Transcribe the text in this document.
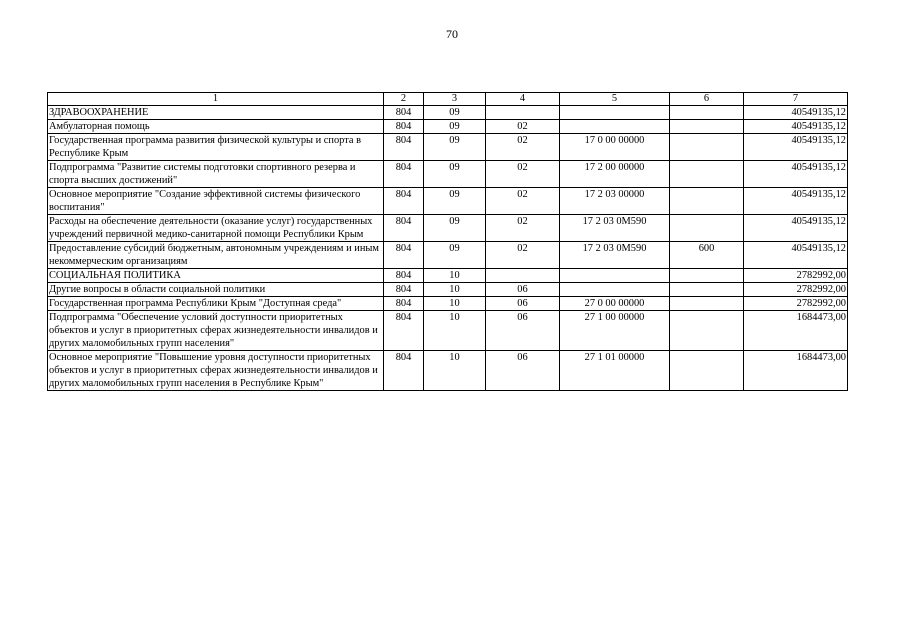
70
1	2	3	4	5	6	7
ЗДРАВООХРАНЕНИЕ	804	09				40549135,12
Амбулаторная помощь	804	09	02			40549135,12
Государственная программа развития физической культуры и спорта в Республике Крым	804	09	02	17 0 00 00000		40549135,12
Подпрограмма "Развитие системы подготовки спортивного резерва и спорта высших достижений"	804	09	02	17 2 00 00000		40549135,12
Основное мероприятие "Создание эффективной системы физического воспитания"	804	09	02	17 2 03 00000		40549135,12
Расходы на обеспечение деятельности (оказание услуг) государственных учреждений первичной медико-санитарной помощи Республики Крым	804	09	02	17 2 03 0М590		40549135,12
Предоставление субсидий бюджетным, автономным учреждениям и иным некоммерческим организациям	804	09	02	17 2 03 0М590	600	40549135,12
СОЦИАЛЬНАЯ ПОЛИТИКА	804	10				2782992,00
Другие вопросы в области социальной политики	804	10	06			2782992,00
Государственная программа Республики Крым "Доступная среда"	804	10	06	27 0 00 00000		2782992,00
Подпрограмма "Обеспечение условий доступности приоритетных объектов и услуг в приоритетных сферах жизнедеятельности инвалидов и других маломобильных групп населения"	804	10	06	27 1 00 00000		1684473,00
Основное мероприятие "Повышение уровня доступности приоритетных объектов и услуг в приоритетных сферах жизнедеятельности инвалидов и других маломобильных групп населения в Республике Крым"	804	10	06	27 1 01 00000		1684473,00
